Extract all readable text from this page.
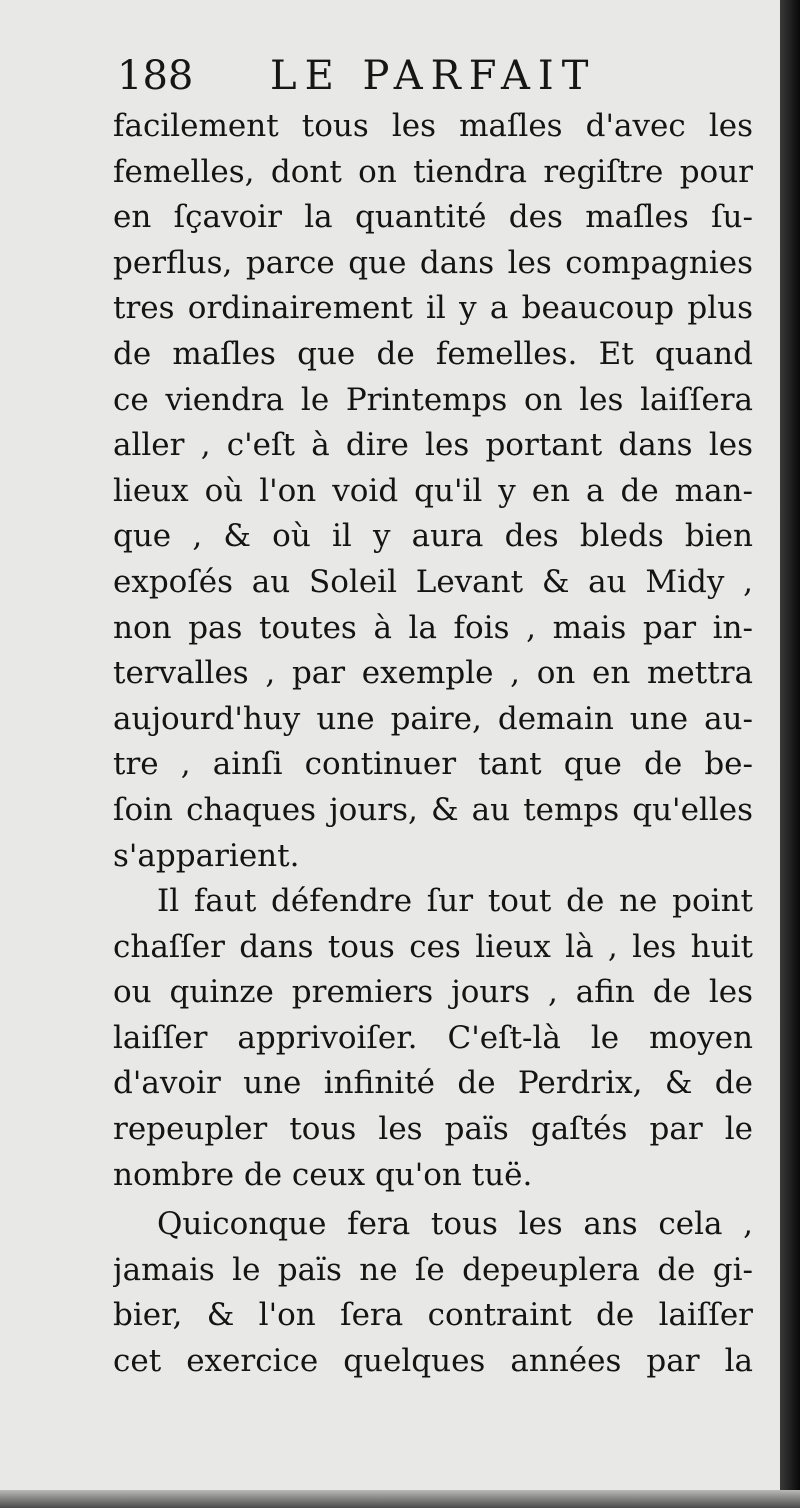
188 LE PARFAIT
facilement tous les maſles d'avec les
femelles, dont on tiendra regiſtre pour
en ſçavoir la quantité des maſles ſu-
perflus, parce que dans les compagnies
tres ordinairement il y a beaucoup plus
de maſles que de femelles. Et quand
ce viendra le Printemps on les laiſſera
aller , c'eſt à dire les portant dans les
lieux où l'on void qu'il y en a de man-
que , & où il y aura des bleds bien
expoſés au Soleil Levant & au Midy ,
non pas toutes à la fois , mais par in-
tervalles , par exemple , on en mettra
aujourd'huy une paire, demain une au-
tre , ainſi continuer tant que de be-
ſoin chaques jours, & au temps qu'elles
s'apparient.
Il faut défendre ſur tout de ne point
chaſſer dans tous ces lieux là , les huit
ou quinze premiers jours , afin de les
laiſſer apprivoiſer. C'eſt-là le moyen
d'avoir une infinité de Perdrix, & de
repeupler tous les païs gaſtés par le
nombre de ceux qu'on tuë.
Quiconque fera tous les ans cela ,
jamais le païs ne ſe depeuplera de gi-
bier, & l'on ſera contraint de laiſſer
cet exercice quelques années par la
